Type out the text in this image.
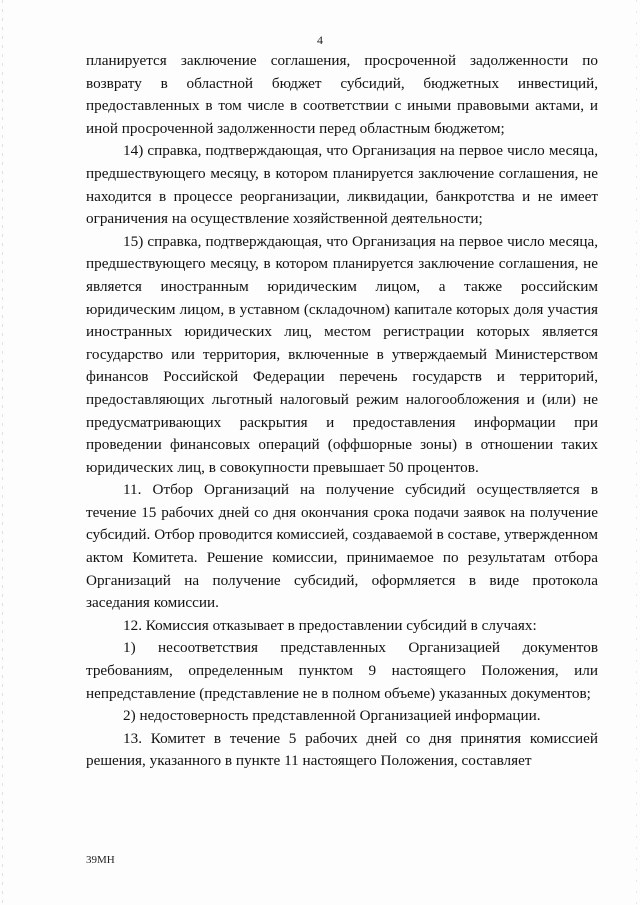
4

планируется заключение соглашения, просроченной задолженности по возврату в областной бюджет субсидий, бюджетных инвестиций, предоставленных в том числе в соответствии с иными правовыми актами, и иной просроченной задолженности перед областным бюджетом;

14) справка, подтверждающая, что Организация на первое число месяца, предшествующего месяцу, в котором планируется заключение соглашения, не находится в процессе реорганизации, ликвидации, банкротства и не имеет ограничения на осуществление хозяйственной деятельности;

15) справка, подтверждающая, что Организация на первое число месяца, предшествующего месяцу, в котором планируется заключение соглашения, не является иностранным юридическим лицом, а также российским юридическим лицом, в уставном (складочном) капитале которых доля участия иностранных юридических лиц, местом регистрации которых является государство или территория, включенные в утверждаемый Министерством финансов Российской Федерации перечень государств и территорий, предоставляющих льготный налоговый режим налогообложения и (или) не предусматривающих раскрытия и предоставления информации при проведении финансовых операций (оффшорные зоны) в отношении таких юридических лиц, в совокупности превышает 50 процентов.

11. Отбор Организаций на получение субсидий осуществляется в течение 15 рабочих дней со дня окончания срока подачи заявок на получение субсидий. Отбор проводится комиссией, создаваемой в составе, утвержденном актом Комитета. Решение комиссии, принимаемое по результатам отбора Организаций на получение субсидий, оформляется в виде протокола заседания комиссии.

12. Комиссия отказывает в предоставлении субсидий в случаях:

1) несоответствия представленных Организацией документов требованиям, определенным пунктом 9 настоящего Положения, или непредставление (представление не в полном объеме) указанных документов;

2) недостоверность представленной Организацией информации.

13. Комитет в течение 5 рабочих дней со дня принятия комиссией решения, указанного в пункте 11 настоящего Положения, составляет

39МН
